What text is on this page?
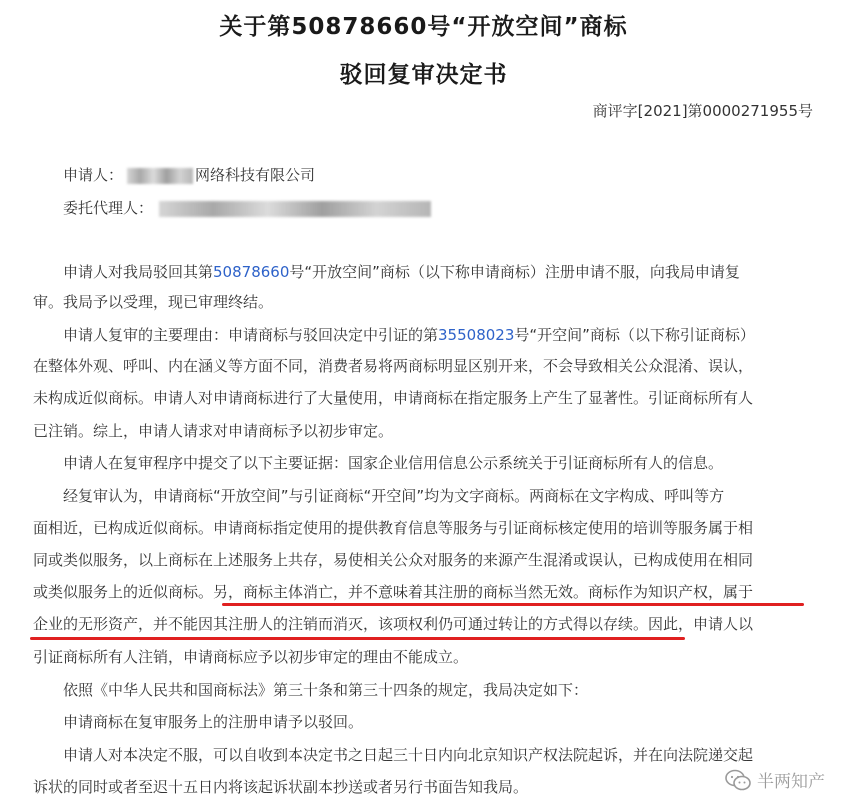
关于第50878660号“开放空间”商标
驳回复审决定书
商评字[2021]第0000271955号
申请人：	网络科技有限公司
委托代理人：
申请人对我局驳回其第50878660号“开放空间”商标（以下称申请商标）注册申请不服，向我局申请复
审。我局予以受理，现已审理终结。
申请人复审的主要理由：申请商标与驳回决定中引证的第35508023号“开空间”商标（以下称引证商标）
在整体外观、呼叫、内在涵义等方面不同，消费者易将两商标明显区别开来，不会导致相关公众混淆、误认，
未构成近似商标。申请人对申请商标进行了大量使用，申请商标在指定服务上产生了显著性。引证商标所有人
已注销。综上，申请人请求对申请商标予以初步审定。
申请人在复审程序中提交了以下主要证据：国家企业信用信息公示系统关于引证商标所有人的信息。
经复审认为，申请商标“开放空间”与引证商标“开空间”均为文字商标。两商标在文字构成、呼叫等方
面相近，已构成近似商标。申请商标指定使用的提供教育信息等服务与引证商标核定使用的培训等服务属于相
同或类似服务，以上商标在上述服务上共存，易使相关公众对服务的来源产生混淆或误认，已构成使用在相同
或类似服务上的近似商标。另，商标主体消亡，并不意味着其注册的商标当然无效。商标作为知识产权，属于
企业的无形资产，并不能因其注册人的注销而消灭，该项权利仍可通过转让的方式得以存续。因此，申请人以
引证商标所有人注销，申请商标应予以初步审定的理由不能成立。
依照《中华人民共和国商标法》第三十条和第三十四条的规定，我局决定如下：
申请商标在复审服务上的注册申请予以驳回。
申请人对本决定不服，可以自收到本决定书之日起三十日内向北京知识产权法院起诉，并在向法院递交起
诉状的同时或者至迟十五日内将该起诉状副本抄送或者另行书面告知我局。	半两知产
